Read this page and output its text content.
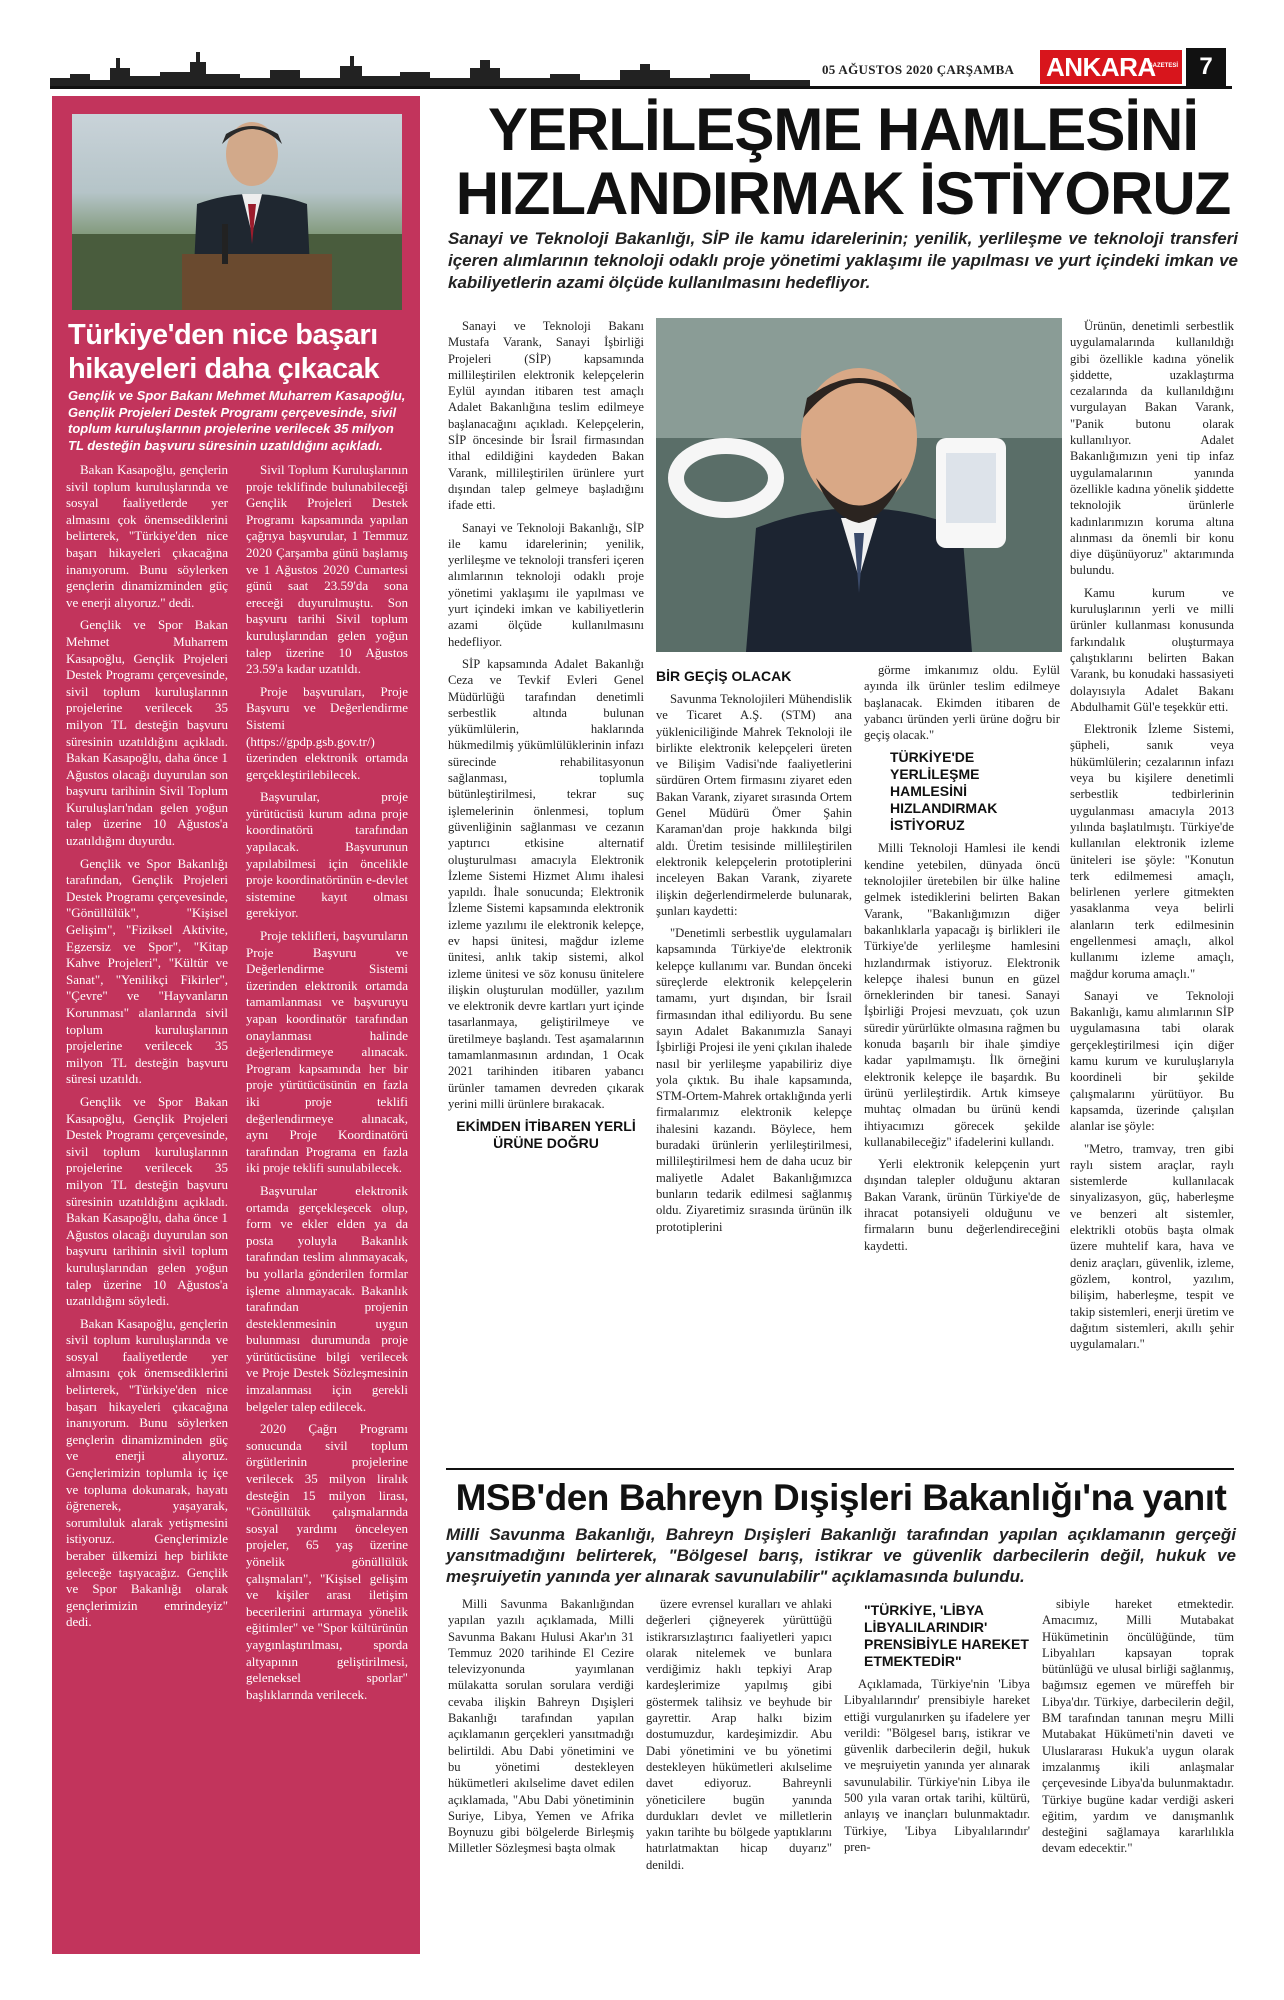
05 AĞUSTOS 2020 ÇARŞAMBA ANKARA
GAZETESİ 7
Türkiye'den nice başarı hikayeleri daha çıkacak
Gençlik ve Spor Bakanı Mehmet Muharrem Kasapoğlu, Gençlik Projeleri Destek Programı çerçevesinde, sivil toplum kuruluşlarının projelerine verilecek 35 milyon TL desteğin başvuru süresinin uzatıldığını açıkladı.

Bakan Kasapoğlu, gençlerin sivil toplum kuruluşlarında ve sosyal faaliyetlerde yer almasını çok önemsediklerini belirterek, "Türkiye'den nice başarı hikayeleri çıkacağına inanıyorum. Bunu söylerken gençlerin dinamizminden güç ve enerji alıyoruz." dedi.

Gençlik ve Spor Bakan Mehmet Muharrem Kasapoğlu, Gençlik Projeleri Destek Programı çerçevesinde, sivil toplum kuruluşlarının projelerine verilecek 35 milyon TL desteğin başvuru süresinin uzatıldığını açıkladı. Bakan Kasapoğlu, daha önce 1 Ağustos olacağı duyurulan son başvuru tarihinin Sivil Toplum Kuruluşları'ndan gelen yoğun talep üzerine 10 Ağustos'a uzatıldığını duyurdu.

Gençlik ve Spor Bakanlığı tarafından, Gençlik Projeleri Destek Programı çerçevesinde, "Gönüllülük", "Kişisel Gelişim", "Fiziksel Aktivite, Egzersiz ve Spor", "Kitap Kahve Projeleri", "Kültür ve Sanat", "Yenilikçi Fikirler", "Çevre" ve "Hayvanların Korunması" alanlarında sivil toplum kuruluşlarının projelerine verilecek 35 milyon TL desteğin başvuru süresi uzatıldı.

Gençlik ve Spor Bakan Kasapoğlu, Gençlik Projeleri Destek Programı çerçevesinde, sivil toplum kuruluşlarının projelerine verilecek 35 milyon TL desteğin başvuru süresinin uzatıldığını açıkladı. Bakan Kasapoğlu, daha önce 1 Ağustos olacağı duyurulan son başvuru tarihinin sivil toplum kuruluşlarından gelen yoğun talep üzerine 10 Ağustos'a uzatıldığını söyledi.

Bakan Kasapoğlu, gençlerin sivil toplum kuruluşlarında ve sosyal faaliyetlerde yer almasını çok önemsediklerini belirterek, "Türkiye'den nice başarı hikayeleri çıkacağına inanıyorum. Bunu söylerken gençlerin dinamizminden güç ve enerji alıyoruz. Gençlerimizin toplumla iç içe ve topluma dokunarak, hayatı öğrenerek, yaşayarak, sorumluluk alarak yetişmesini istiyoruz. Gençlerimizle beraber ülkemizi hep birlikte geleceğe taşıyacağız. Gençlik ve Spor Bakanlığı olarak gençlerimizin emrindeyiz" dedi.

Sivil Toplum Kuruluşlarının proje teklifinde bulunabileceği Gençlik Projeleri Destek Programı kapsamında yapılan çağrıya başvurular, 1 Temmuz 2020 Çarşamba günü başlamış ve 1 Ağustos 2020 Cumartesi günü saat 23.59'da sona ereceği duyurulmuştu. Son başvuru tarihi Sivil toplum kuruluşlarından gelen yoğun talep üzerine 10 Ağustos 23.59'a kadar uzatıldı.

Proje başvuruları, Proje Başvuru ve Değerlendirme Sistemi (https://gpdp.gsb.gov.tr/) üzerinden elektronik ortamda gerçekleştirilebilecek.

Başvurular, proje yürütücüsü kurum adına proje koordinatörü tarafından yapılacak. Başvurunun yapılabilmesi için öncelikle proje koordinatörünün e-devlet sistemine kayıt olması gerekiyor.

Proje teklifleri, başvuruların Proje Başvuru ve Değerlendirme Sistemi üzerinden elektronik ortamda tamamlanması ve başvuruyu yapan koordinatör tarafından onaylanması halinde değerlendirmeye alınacak. Program kapsamında her bir proje yürütücüsünün en fazla iki proje teklifi değerlendirmeye alınacak, aynı Proje Koordinatörü tarafından Programa en fazla iki proje teklifi sunulabilecek.

Başvurular elektronik ortamda gerçekleşecek olup, form ve ekler elden ya da posta yoluyla Bakanlık tarafından teslim alınmayacak, bu yollarla gönderilen formlar işleme alınmayacak. Bakanlık tarafından projenin desteklenmesinin uygun bulunması durumunda proje yürütücüsüne bilgi verilecek ve Proje Destek Sözleşmesinin imzalanması için gerekli belgeler talep edilecek.

2020 Çağrı Programı sonucunda sivil toplum örgütlerinin projelerine verilecek 35 milyon liralık desteğin 15 milyon lirası, "Gönüllülük çalışmalarında sosyal yardımı önceleyen projeler, 65 yaş üzerine yönelik gönüllülük çalışmaları", "Kişisel gelişim ve kişiler arası iletişim becerilerini artırmaya yönelik eğitimler" ve "Spor kültürünün yaygınlaştırılması, sporda altyapının geliştirilmesi, geleneksel sporlar" başlıklarında verilecek.

YERLİLEŞME HAMLESİNİ
HIZLANDIRMAK İSTİYORUZ
Sanayi ve Teknoloji Bakanlığı, SİP ile kamu idarelerinin; yenilik, yerlileşme ve teknoloji transferi içeren alımlarının teknoloji odaklı proje yönetimi yaklaşımı ile yapılması ve yurt içindeki imkan ve kabiliyetlerin azami ölçüde kullanılmasını hedefliyor.

Sanayi ve Teknoloji Bakanı Mustafa Varank, Sanayi İşbirliği Projeleri (SİP) kapsamında millileştirilen elektronik kelepçelerin Eylül ayından itibaren test amaçlı Adalet Bakanlığına teslim edilmeye başlanacağını açıkladı. Kelepçelerin, SİP öncesinde bir İsrail firmasından ithal edildiğini kaydeden Bakan Varank, millileştirilen ürünlere yurt dışından talep gelmeye başladığını ifade etti.

Sanayi ve Teknoloji Bakanlığı, SİP ile kamu idarelerinin; yenilik, yerlileşme ve teknoloji transferi içeren alımlarının teknoloji odaklı proje yönetimi yaklaşımı ile yapılması ve yurt içindeki imkan ve kabiliyetlerin azami ölçüde kullanılmasını hedefliyor.

SİP kapsamında Adalet Bakanlığı Ceza ve Tevkif Evleri Genel Müdürlüğü tarafından denetimli serbestlik altında bulunan yükümlülerin, haklarında hükmedilmiş yükümlülüklerinin infazı sürecinde rehabilitasyonun sağlanması, toplumla bütünleştirilmesi, tekrar suç işlemelerinin önlenmesi, toplum güvenliğinin sağlanması ve cezanın yaptırıcı etkisine alternatif oluşturulması amacıyla Elektronik İzleme Sistemi Hizmet Alımı ihalesi yapıldı. İhale sonucunda; Elektronik İzleme Sistemi kapsamında elektronik izleme yazılımı ile elektronik kelepçe, ev hapsi ünitesi, mağdur izleme ünitesi, anlık takip sistemi, alkol izleme ünitesi ve söz konusu ünitelere ilişkin oluşturulan modüller, yazılım ve elektronik devre kartları yurt içinde tasarlanmaya, geliştirilmeye ve üretilmeye başlandı. Test aşamalarının tamamlanmasının ardından, 1 Ocak 2021 tarihinden itibaren yabancı ürünler tamamen devreden çıkarak yerini milli ürünlere bırakacak.

EKİMDEN İTİBAREN YERLİ ÜRÜNE DOĞRU
BİR GEÇİŞ OLACAK

Savunma Teknolojileri Mühendislik ve Ticaret A.Ş. (STM) ana yükleniciliğinde Mahrek Teknoloji ile birlikte elektronik kelepçeleri üreten ve Bilişim Vadisi'nde faaliyetlerini sürdüren Ortem firmasını ziyaret eden Bakan Varank, ziyaret sırasında Ortem Genel Müdürü Ömer Şahin Karaman'dan proje hakkında bilgi aldı. Üretim tesisinde millileştirilen elektronik kelepçelerin prototiplerini inceleyen Bakan Varank, ziyarete ilişkin değerlendirmelerde bulunarak, şunları kaydetti:

"Denetimli serbestlik uygulamaları kapsamında Türkiye'de elektronik kelepçe kullanımı var. Bundan önceki süreçlerde elektronik kelepçelerin tamamı, yurt dışından, bir İsrail firmasından ithal ediliyordu. Bu sene sayın Adalet Bakanımızla Sanayi İşbirliği Projesi ile yeni çıkılan ihalede nasıl bir yerlileşme yapabiliriz diye yola çıktık. Bu ihale kapsamında, STM-Ortem-Mahrek ortaklığında yerli firmalarımız elektronik kelepçe ihalesini kazandı. Böylece, hem buradaki ürünlerin yerlileştirilmesi, millileştirilmesi hem de daha ucuz bir maliyetle Adalet Bakanlığımızca bunların tedarik edilmesi sağlanmış oldu. Ziyaretimiz sırasında ürünün ilk prototiplerini

görme imkanımız oldu. Eylül ayında ilk ürünler teslim edilmeye başlanacak. Ekimden itibaren de yabancı üründen yerli ürüne doğru bir geçiş olacak."

TÜRKİYE'DE YERLİLEŞME HAMLESİNİ HIZLANDIRMAK İSTİYORUZ

Milli Teknoloji Hamlesi ile kendi kendine yetebilen, dünyada öncü teknolojiler üretebilen bir ülke haline gelmek istediklerini belirten Bakan Varank, "Bakanlığımızın diğer bakanlıklarla yapacağı iş birlikleri ile Türkiye'de yerlileşme hamlesini hızlandırmak istiyoruz. Elektronik kelepçe ihalesi bunun en güzel örneklerinden bir tanesi. Sanayi İşbirliği Projesi mevzuatı, çok uzun süredir yürürlükte olmasına rağmen bu konuda başarılı bir ihale şimdiye kadar yapılmamıştı. İlk örneğini elektronik kelepçe ile başardık. Bu ürünü yerlileştirdik. Artık kimseye muhtaç olmadan bu ürünü kendi ihtiyacımızı görecek şekilde kullanabileceğiz" ifadelerini kullandı.

Yerli elektronik kelepçenin yurt dışından talepler olduğunu aktaran Bakan Varank, ürünün Türkiye'de de ihracat potansiyeli olduğunu ve firmaların bunu değerlendireceğini kaydetti.

Ürünün, denetimli serbestlik uygulamalarında kullanıldığı gibi özellikle kadına yönelik şiddette, uzaklaştırma cezalarında da kullanıldığını vurgulayan Bakan Varank, "Panik butonu olarak kullanılıyor. Adalet Bakanlığımızın yeni tip infaz uygulamalarının yanında özellikle kadına yönelik şiddette teknolojik ürünlerle kadınlarımızın koruma altına alınması da önemli bir konu diye düşünüyoruz" aktarımında bulundu.

Kamu kurum ve kuruluşlarının yerli ve milli ürünler kullanması konusunda farkındalık oluşturmaya çalıştıklarını belirten Bakan Varank, bu konudaki hassasiyeti dolayısıyla Adalet Bakanı Abdulhamit Gül'e teşekkür etti.

Elektronik İzleme Sistemi, şüpheli, sanık veya hükümlülerin; cezalarının infazı veya bu kişilere denetimli serbestlik tedbirlerinin uygulanması amacıyla 2013 yılında başlatılmıştı. Türkiye'de kullanılan elektronik izleme üniteleri ise şöyle: "Konutun terk edilmemesi amaçlı, belirlenen yerlere gitmekten yasaklanma veya belirli alanların terk edilmesinin engellenmesi amaçlı, alkol kullanımı izleme amaçlı, mağdur koruma amaçlı."

Sanayi ve Teknoloji Bakanlığı, kamu alımlarının SİP uygulamasına tabi olarak gerçekleştirilmesi için diğer kamu kurum ve kuruluşlarıyla koordineli bir şekilde çalışmalarını yürütüyor. Bu kapsamda, üzerinde çalışılan alanlar ise şöyle:

"Metro, tramvay, tren gibi raylı sistem araçlar, raylı sistemlerde kullanılacak sinyalizasyon, güç, haberleşme ve benzeri alt sistemler, elektrikli otobüs başta olmak üzere muhtelif kara, hava ve deniz araçları, güvenlik, izleme, gözlem, kontrol, yazılım, bilişim, haberleşme, tespit ve takip sistemleri, enerji üretim ve dağıtım sistemleri, akıllı şehir uygulamaları."

MSB'den Bahreyn Dışişleri Bakanlığı'na yanıt
Milli Savunma Bakanlığı, Bahreyn Dışişleri Bakanlığı tarafından yapılan açıklamanın gerçeği yansıtmadığını belirterek, "Bölgesel barış, istikrar ve güvenlik darbecilerin değil, hukuk ve meşruiyetin yanında yer alınarak savunulabilir" açıklamasında bulundu.

Milli Savunma Bakanlığından yapılan yazılı açıklamada, Milli Savunma Bakanı Hulusi Akar'ın 31 Temmuz 2020 tarihinde El Cezire televizyonunda yayımlanan mülakatta sorulan sorulara verdiği cevaba ilişkin Bahreyn Dışişleri Bakanlığı tarafından yapılan açıklamanın gerçekleri yansıtmadığı belirtildi. Abu Dabi yönetimini ve bu yönetimi destekleyen hükümetleri akılselime davet edilen açıklamada, "Abu Dabi yönetiminin Suriye, Libya, Yemen ve Afrika Boynuzu gibi bölgelerde Birleşmiş Milletler Sözleşmesi başta olmak

üzere evrensel kuralları ve ahlaki değerleri çiğneyerek yürüttüğü istikrarsızlaştırıcı faaliyetleri yapıcı olarak nitelemek ve bunlara verdiğimiz haklı tepkiyi Arap kardeşlerimize yapılmış gibi göstermek talihsiz ve beyhude bir gayrettir. Arap halkı bizim dostumuzdur, kardeşimizdir. Abu Dabi yönetimini ve bu yönetimi destekleyen hükümetleri akılselime davet ediyoruz. Bahreynli yöneticilere bugün yanında durdukları devlet ve milletlerin yakın tarihte bu bölgede yaptıklarını hatırlatmaktan hicap duyarız" denildi.

"TÜRKİYE, 'LİBYA LİBYALILARINDIR' PRENSİBİYLE HAREKET ETMEKTEDİR"

Açıklamada, Türkiye'nin 'Libya Libyalılarındır' prensibiyle hareket ettiği vurgulanırken şu ifadelere yer verildi: "Bölgesel barış, istikrar ve güvenlik darbecilerin değil, hukuk ve meşruiyetin yanında yer alınarak savunulabilir. Türkiye'nin Libya ile 500 yıla varan ortak tarihi, kültürü, anlayış ve inançları bulunmaktadır. Türkiye, 'Libya Libyalılarındır' pren-

sibiyle hareket etmektedir. Amacımız, Milli Mutabakat Hükümetinin öncülüğünde, tüm Libyalıları kapsayan toprak bütünlüğü ve ulusal birliği sağlanmış, bağımsız egemen ve müreffeh bir Libya'dır. Türkiye, darbecilerin değil, BM tarafından tanınan meşru Milli Mutabakat Hükümeti'nin daveti ve Uluslararası Hukuk'a uygun olarak imzalanmış ikili anlaşmalar çerçevesinde Libya'da bulunmaktadır. Türkiye bugüne kadar verdiği askeri eğitim, yardım ve danışmanlık desteğini sağlamaya kararlılıkla devam edecektir."
